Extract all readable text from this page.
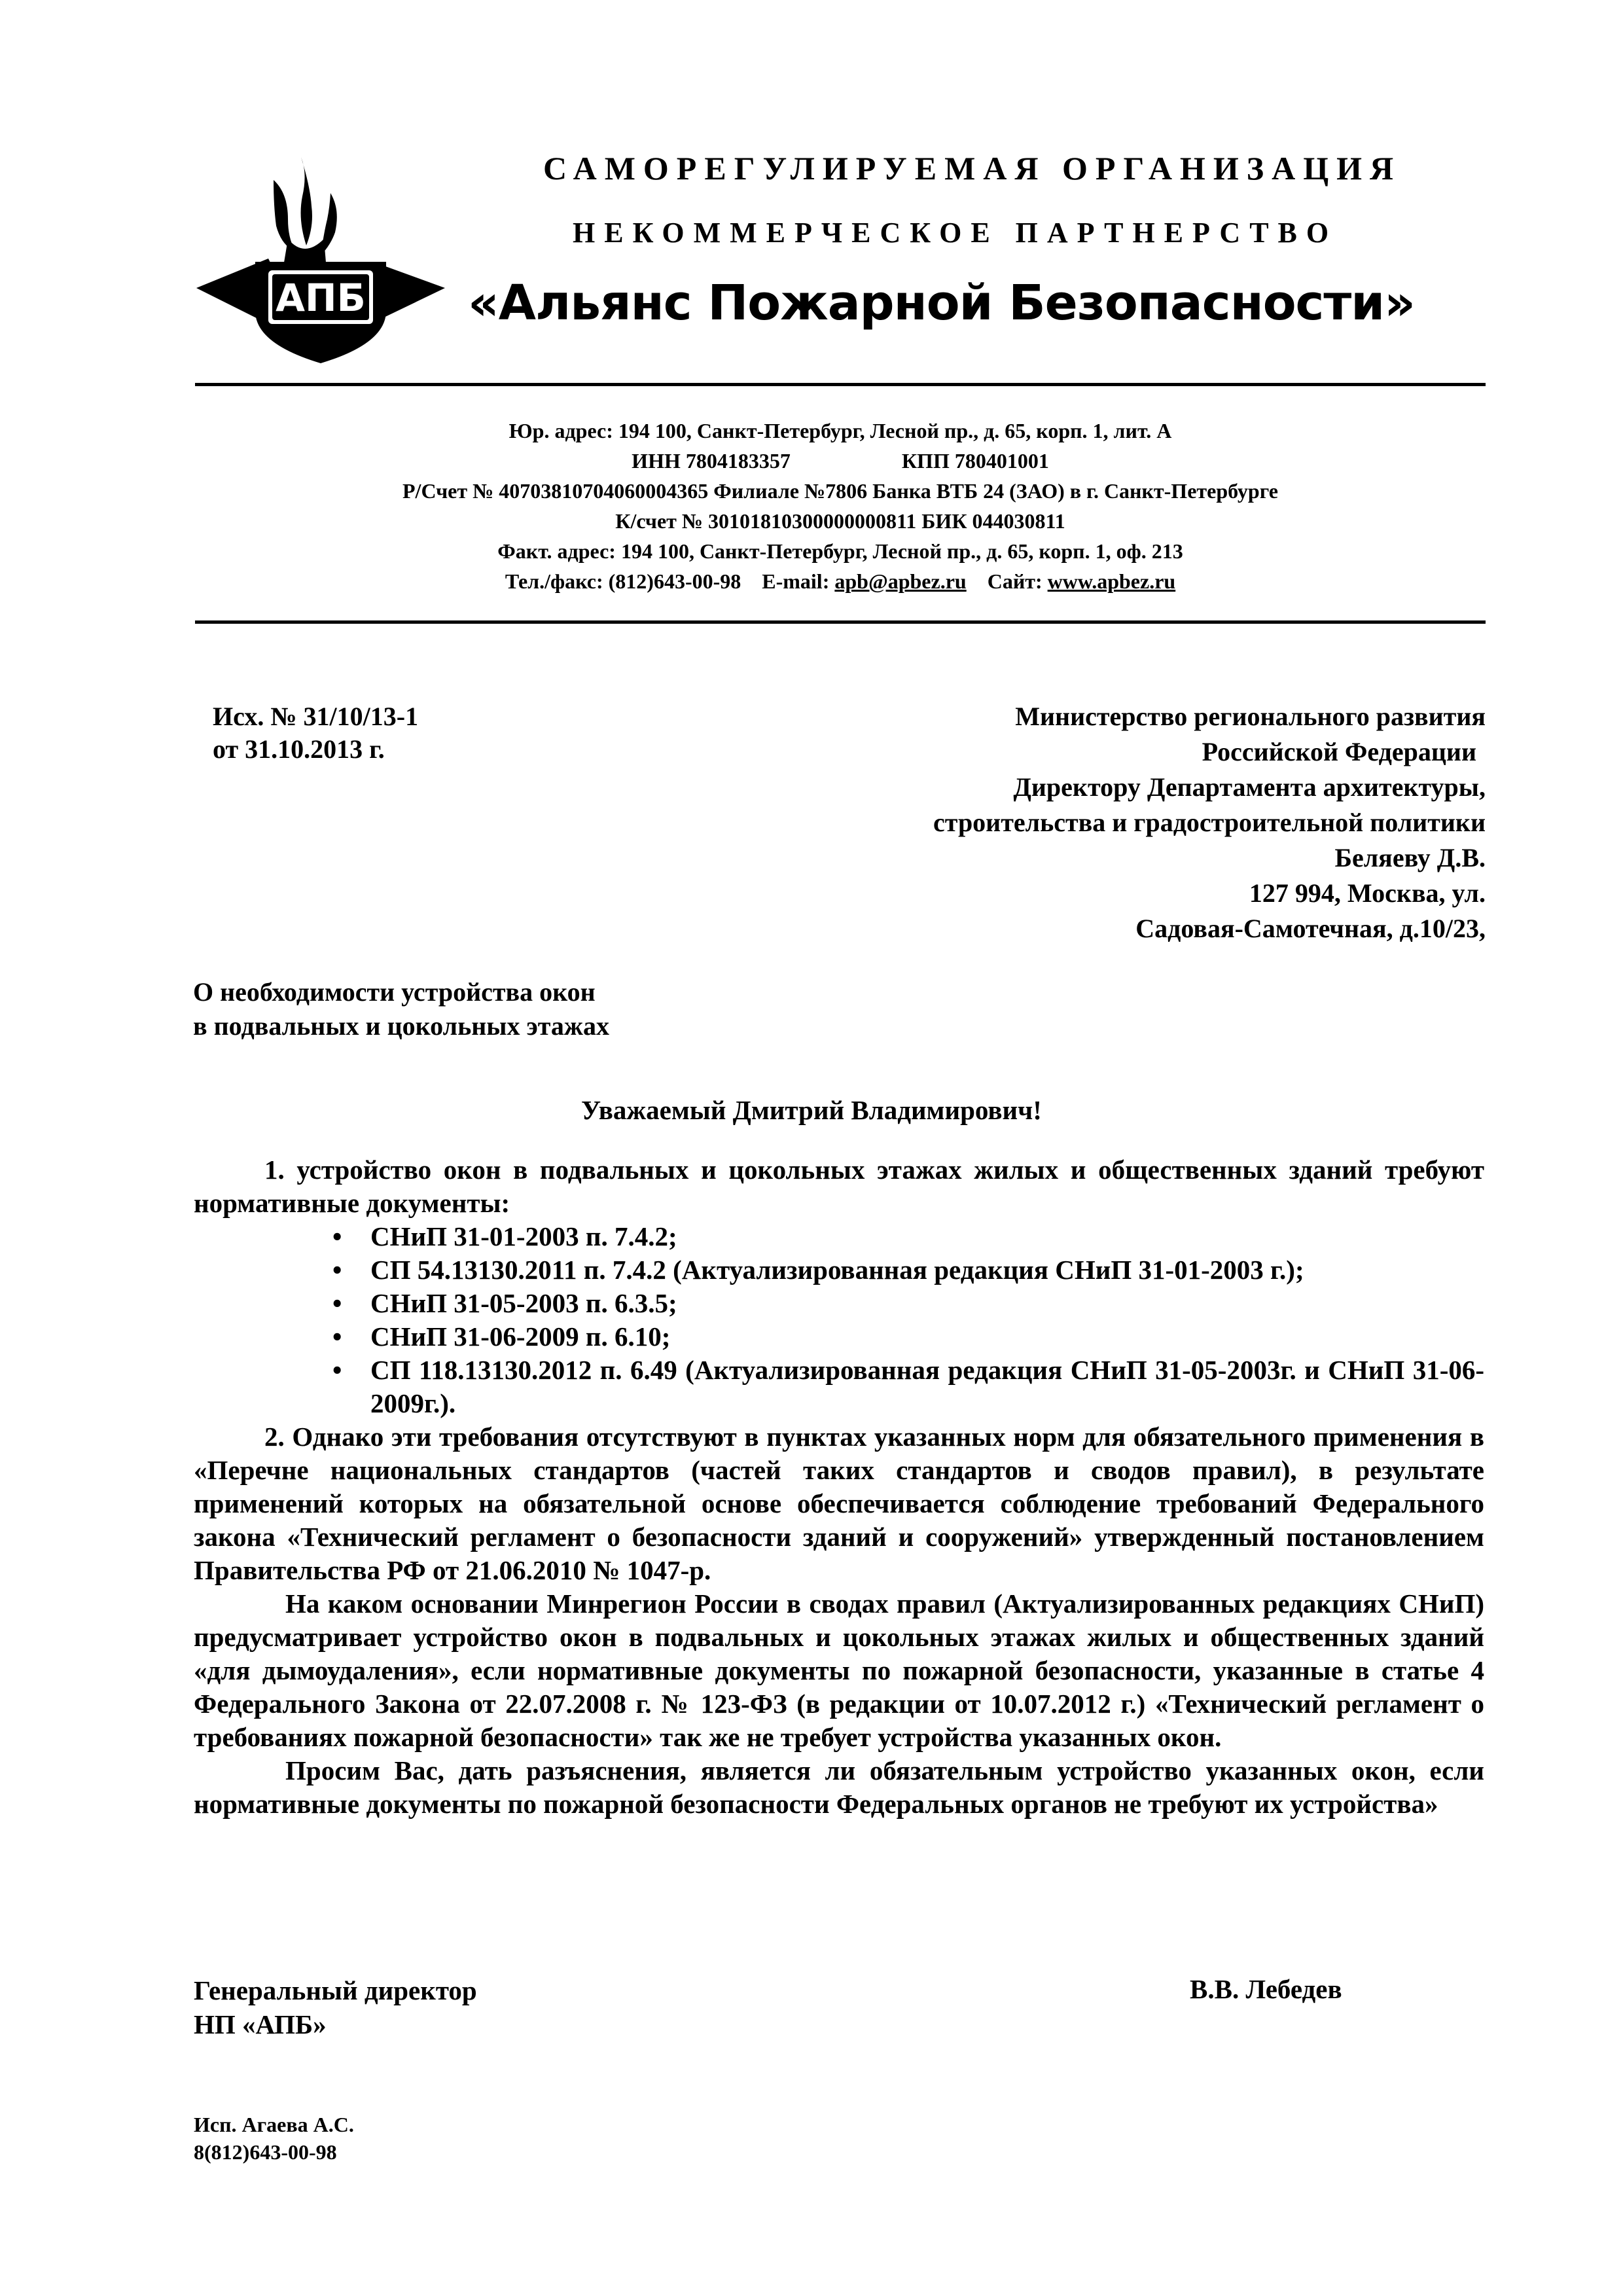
АПБ
САМОРЕГУЛИРУЕМАЯ ОРГАНИЗАЦИЯ
НЕКОММЕРЧЕСКОЕ ПАРТНЕРСТВО
«Альянс Пожарной Безопасности»
Юр. адрес: 194 100, Санкт-Петербург, Лесной пр., д. 65, корп. 1, лит. А
ИНН 7804183357	КПП 780401001
Р/Счет № 40703810704060004365 Филиале №7806 Банка ВТБ 24 (ЗАО) в г. Санкт-Петербурге
К/счет № 30101810300000000811 БИК 044030811
Факт. адрес: 194 100, Санкт-Петербург, Лесной пр., д. 65, корп. 1, оф. 213
Тел./факс: (812)643-00-98 E-mail: apb@apbez.ru Сайт: www.apbez.ru
Исх. № 31/10/13-1
от 31.10.2013 г.
Министерство регионального развития
Российской Федерации
Директору Департамента архитектуры,
строительства и градостроительной политики
Беляеву Д.В.
127 994, Москва, ул.
Садовая-Самотечная, д.10/23,
О необходимости устройства окон
в подвальных и цокольных этажах
Уважаемый Дмитрий Владимирович!

1. устройство окон в подвальных и цокольных этажах жилых и общественных зданий требуют нормативные документы:

• СНиП 31-01-2003 п. 7.4.2;
• СП 54.13130.2011 п. 7.4.2 (Актуализированная редакция СНиП 31-01-2003 г.);
• СНиП 31-05-2003 п. 6.3.5;
• СНиП 31-06-2009 п. 6.10;
• СП 118.13130.2012 п. 6.49 (Актуализированная редакция СНиП 31-05-2003г. и СНиП 31-06-2009г.).

2. Однако эти требования отсутствуют в пунктах указанных норм для обязательного применения в «Перечне национальных стандартов (частей таких стандартов и сводов правил), в результате применений которых на обязательной основе обеспечивается соблюдение требований Федерального закона «Технический регламент о безопасности зданий и сооружений» утвержденный постановлением Правительства РФ от 21.06.2010 № 1047-р.

На каком основании Минрегион России в сводах правил (Актуализированных редакциях СНиП) предусматривает устройство окон в подвальных и цокольных этажах жилых и общественных зданий «для дымоудаления», если нормативные документы по пожарной безопасности, указанные в статье 4 Федерального Закона от 22.07.2008 г. № 123-ФЗ (в редакции от 10.07.2012 г.) «Технический регламент о требованиях пожарной безопасности» так же не требует устройства указанных окон.

Просим Вас, дать разъяснения, является ли обязательным устройство указанных окон, если нормативные документы по пожарной безопасности Федеральных органов не требуют их устройства»

Генеральный директор
НП «АПБ»
В.В. Лебедев
Исп. Агаева А.С.
8(812)643-00-98
